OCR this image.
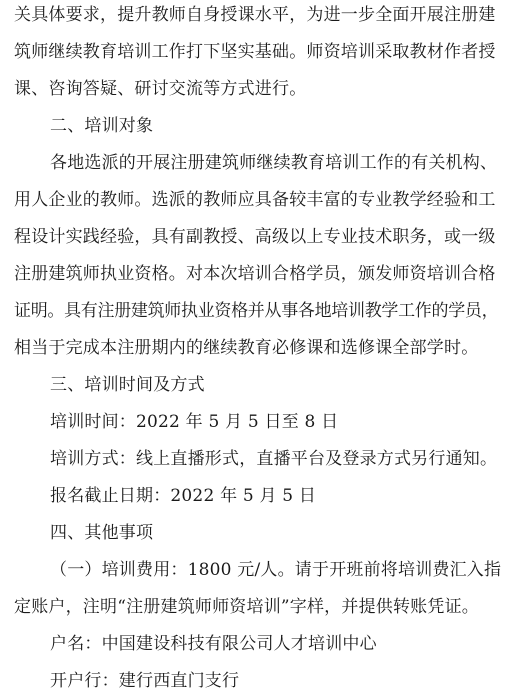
关具体要求，提升教师自身授课水平，为进一步全面开展注册建
筑师继续教育培训工作打下坚实基础。师资培训采取教材作者授
课、咨询答疑、研讨交流等方式进行。
二、培训对象
各地选派的开展注册建筑师继续教育培训工作的有关机构、
用人企业的教师。选派的教师应具备较丰富的专业教学经验和工
程设计实践经验，具有副教授、高级以上专业技术职务，或一级
注册建筑师执业资格。对本次培训合格学员，颁发师资培训合格
证明。具有注册建筑师执业资格并从事各地培训教学工作的学员，
相当于完成本注册期内的继续教育必修课和选修课全部学时。
三、培训时间及方式
培训时间：2022 年 5 月 5 日至 8 日
培训方式：线上直播形式，直播平台及登录方式另行通知。
报名截止日期：2022 年 5 月 5 日
四、其他事项
（一）培训费用：1800 元/人。请于开班前将培训费汇入指
定账户，注明“注册建筑师师资培训”字样，并提供转账凭证。
户名：中国建设科技有限公司人才培训中心
开户行：建行西直门支行
